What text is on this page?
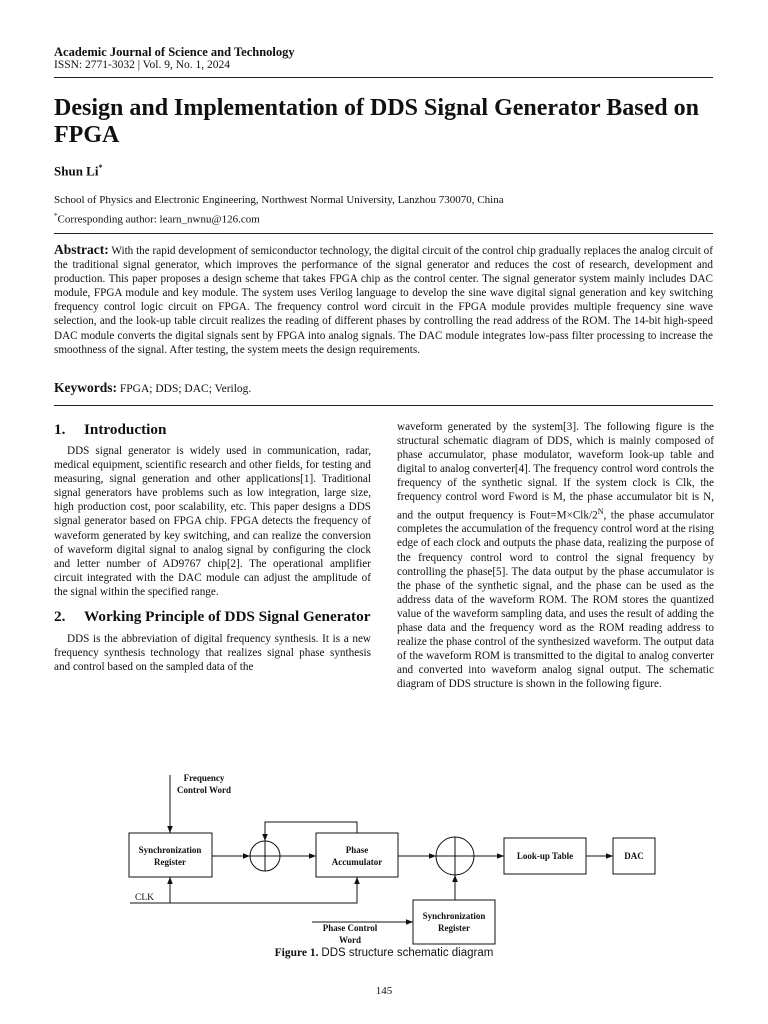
Academic Journal of Science and Technology
ISSN: 2771-3032 | Vol. 9, No. 1, 2024
Design and Implementation of DDS Signal Generator Based on FPGA
Shun Li*
School of Physics and Electronic Engineering, Northwest Normal University, Lanzhou 730070, China
*Corresponding author: learn_nwnu@126.com

Abstract: With the rapid development of semiconductor technology, the digital circuit of the control chip gradually replaces the analog circuit of the traditional signal generator, which improves the performance of the signal generator and reduces the cost of research, development and production. This paper proposes a design scheme that takes FPGA chip as the control center. The signal generator system mainly includes DAC module, FPGA module and key module. The system uses Verilog language to develop the sine wave digital signal generation and key switching frequency control logic circuit on FPGA. The frequency control word circuit in the FPGA module provides multiple frequency sine wave selection, and the look-up table circuit realizes the reading of different phases by controlling the read address of the ROM. The 14-bit high-speed DAC module converts the digital signals sent by FPGA into analog signals. The DAC module integrates low-pass filter processing to increase the smoothness of the signal. After testing, the system meets the design requirements.

Keywords: FPGA; DDS; DAC; Verilog.
1.	Introduction

DDS signal generator is widely used in communication, radar, medical equipment, scientific research and other fields, for testing and measuring, signal generation and other applications[1]. Traditional signal generators have problems such as low integration, large size, high production cost, poor scalability, etc. This paper designs a DDS signal generator based on FPGA chip. FPGA detects the frequency of waveform generated by key switching, and can realize the conversion of waveform digital signal to analog signal by configuring the clock and letter number of AD9767 chip[2]. The operational amplifier circuit integrated with the DAC module can adjust the amplitude of the signal within the specified range.

2.	Working Principle of DDS Signal Generator

DDS is the abbreviation of digital frequency synthesis. It is a new frequency synthesis technology that realizes signal phase synthesis and control based on the sampled data of the

waveform generated by the system[3]. The following figure is the structural schematic diagram of DDS, which is mainly composed of phase accumulator, phase modulator, waveform look-up table and digital to analog converter[4]. The frequency control word controls the frequency of the synthetic signal. If the system clock is Clk, the frequency control word Fword is M, the phase accumulator bit is N, and the output frequency is $Fout=M\times Clk/2^N$, the phase accumulator completes the accumulation of the frequency control word at the rising edge of each clock and outputs the phase data, realizing the purpose of the frequency control word to control the signal frequency by controlling the phase[5]. The data output by the phase accumulator is the phase of the synthetic signal, and the phase can be used as the address data of the waveform ROM. The ROM stores the quantized value of the waveform sampling data, and uses the result of adding the phase data and the frequency word as the ROM reading address to realize the phase control of the synthesized waveform. The output data of the waveform ROM is transmitted to the digital to analog converter and converted into waveform analog signal output. The schematic diagram of DDS structure is shown in the following figure.

Frequency
Control Word
Synchronization
Register
Phase
Accumulator
Look-up Table	DAC
Phase Control
Word
Synchronization
Register
CLK
Figure 1. DDS structure schematic diagram
145
